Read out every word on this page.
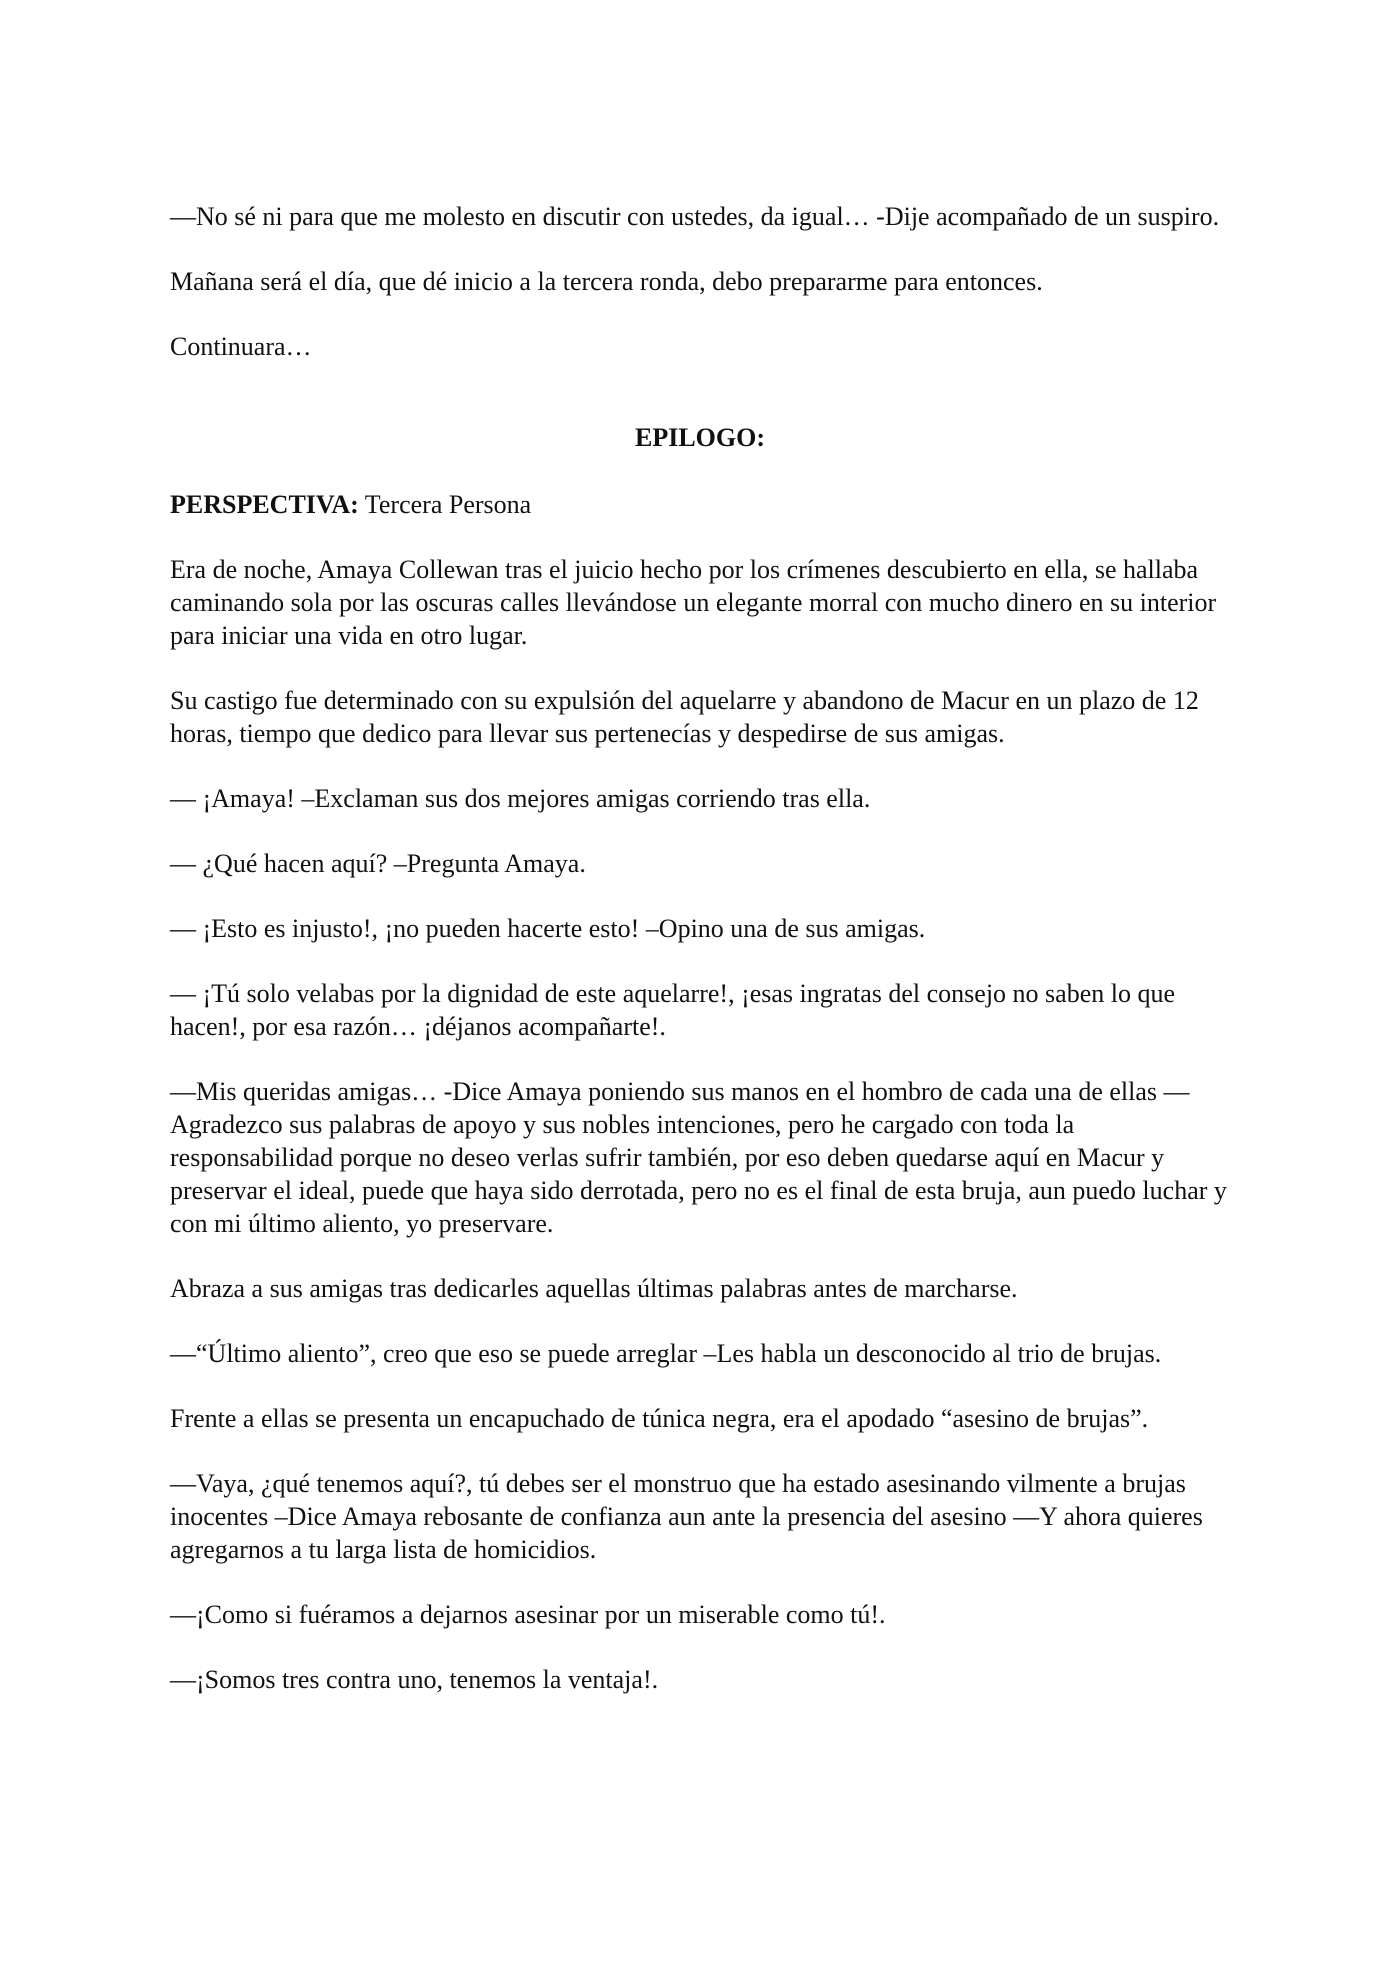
—No sé ni para que me molesto en discutir con ustedes, da igual… -Dije acompañado de un suspiro.

Mañana será el día, que dé inicio a la tercera ronda, debo prepararme para entonces.

Continuara…

EPILOGO:

PERSPECTIVA: Tercera Persona

Era de noche, Amaya Collewan tras el juicio hecho por los crímenes descubierto en ella, se hallaba caminando sola por las oscuras calles llevándose un elegante morral con mucho dinero en su interior para iniciar una vida en otro lugar.

Su castigo fue determinado con su expulsión del aquelarre y abandono de Macur en un plazo de 12 horas, tiempo que dedico para llevar sus pertenecías y despedirse de sus amigas.

— ¡Amaya! –Exclaman sus dos mejores amigas corriendo tras ella.

— ¿Qué hacen aquí? –Pregunta Amaya.

— ¡Esto es injusto!, ¡no pueden hacerte esto! –Opino una de sus amigas.

— ¡Tú solo velabas por la dignidad de este aquelarre!, ¡esas ingratas del consejo no saben lo que hacen!, por esa razón… ¡déjanos acompañarte!.

—Mis queridas amigas… -Dice Amaya poniendo sus manos en el hombro de cada una de ellas —Agradezco sus palabras de apoyo y sus nobles intenciones, pero he cargado con toda la responsabilidad porque no deseo verlas sufrir también, por eso deben quedarse aquí en Macur y preservar el ideal, puede que haya sido derrotada, pero no es el final de esta bruja, aun puedo luchar y con mi último aliento, yo preservare.

Abraza a sus amigas tras dedicarles aquellas últimas palabras antes de marcharse.

—“Último aliento”, creo que eso se puede arreglar –Les habla un desconocido al trio de brujas.

Frente a ellas se presenta un encapuchado de túnica negra, era el apodado “asesino de brujas”.

—Vaya, ¿qué tenemos aquí?, tú debes ser el monstruo que ha estado asesinando vilmente a brujas inocentes –Dice Amaya rebosante de confianza aun ante la presencia del asesino —Y ahora quieres agregarnos a tu larga lista de homicidios.

—¡Como si fuéramos a dejarnos asesinar por un miserable como tú!.

—¡Somos tres contra uno, tenemos la ventaja!.
